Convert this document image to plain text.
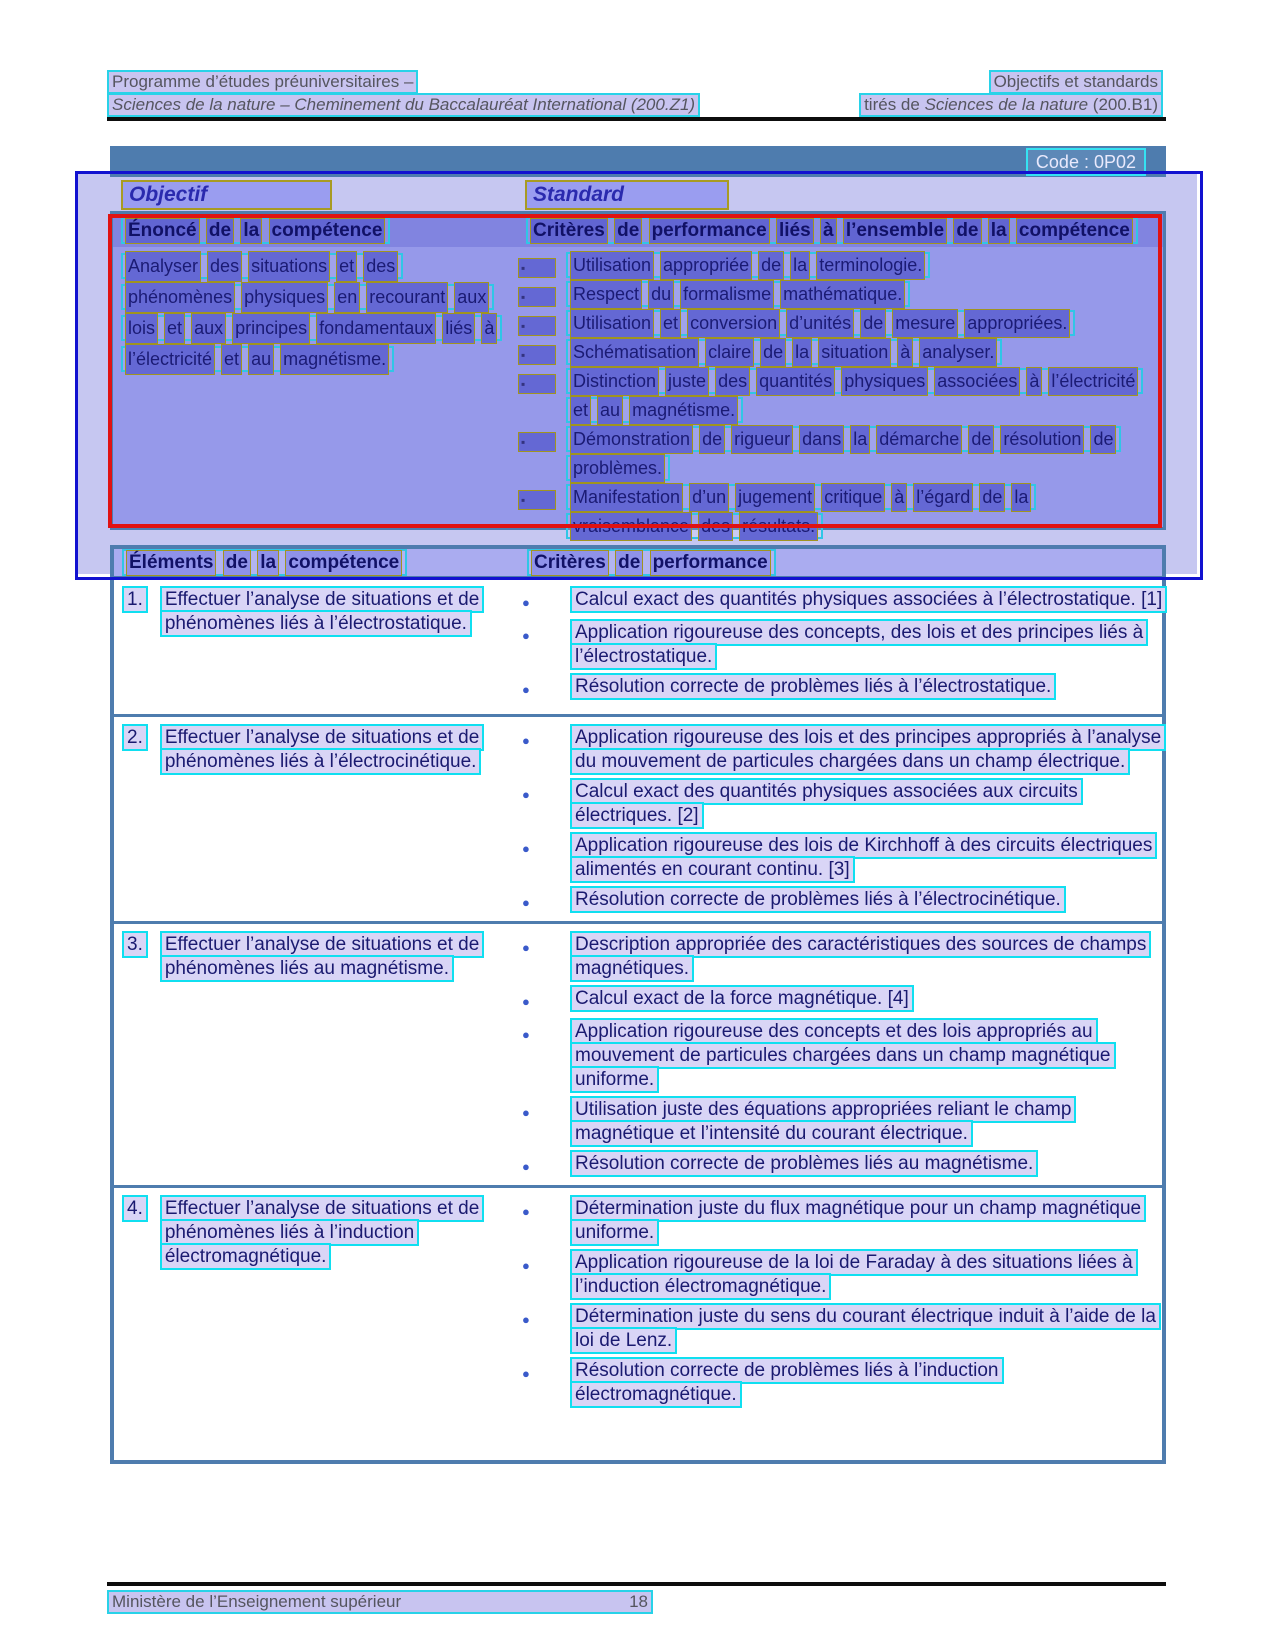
Programme d’études préuniversitaires –	Objectifs et standards
Sciences de la nature – Cheminement du Baccalauréat International (200.Z1)	tirés de Sciences de la nature (200.B1)
Code : 0P02
Objectif	Standard
Énoncé de la compétence	Critères de performance liés à l’ensemble de la compétence
Analyser des situations et des phénomènes physiques en recourant aux lois et aux principes fondamentaux liés à l’électricité et au magnétisme.
▪	Utilisation appropriée de la terminologie.
▪	Respect du formalisme mathématique.
▪	Utilisation et conversion d’unités de mesure appropriées.
▪	Schématisation claire de la situation à analyser.
▪	Distinction juste des quantités physiques associées à l’électricité et au magnétisme.
▪	Démonstration de rigueur dans la démarche de résolution de problèmes.
▪	Manifestation d’un jugement critique à l’égard de la vraisemblance des résultats.
Éléments de la compétence	Critères de performance
1. Effectuer l’analyse de situations et de phénomènes liés à l’électrostatique.
●	Calcul exact des quantités physiques associées à l’électrostatique. [1]
●	Application rigoureuse des concepts, des lois et des principes liés à l’électrostatique.
●	Résolution correcte de problèmes liés à l’électrostatique.
2. Effectuer l’analyse de situations et de phénomènes liés à l’électrocinétique.
●	Application rigoureuse des lois et des principes appropriés à l’analyse du mouvement de particules chargées dans un champ électrique.
●	Calcul exact des quantités physiques associées aux circuits électriques. [2]
●	Application rigoureuse des lois de Kirchhoff à des circuits électriques alimentés en courant continu. [3]
●	Résolution correcte de problèmes liés à l’électrocinétique.
3. Effectuer l’analyse de situations et de phénomènes liés au magnétisme.
●	Description appropriée des caractéristiques des sources de champs magnétiques.
●	Calcul exact de la force magnétique. [4]
●	Application rigoureuse des concepts et des lois appropriés au mouvement de particules chargées dans un champ magnétique uniforme.
●	Utilisation juste des équations appropriées reliant le champ magnétique et l’intensité du courant électrique.
●	Résolution correcte de problèmes liés au magnétisme.
4. Effectuer l’analyse de situations et de phénomènes liés à l’induction électromagnétique.
●	Détermination juste du flux magnétique pour un champ magnétique uniforme.
●	Application rigoureuse de la loi de Faraday à des situations liées à l’induction électromagnétique.
●	Détermination juste du sens du courant électrique induit à l’aide de la loi de Lenz.
●	Résolution correcte de problèmes liés à l’induction électromagnétique.
Ministère de l’Enseignement supérieur	18
